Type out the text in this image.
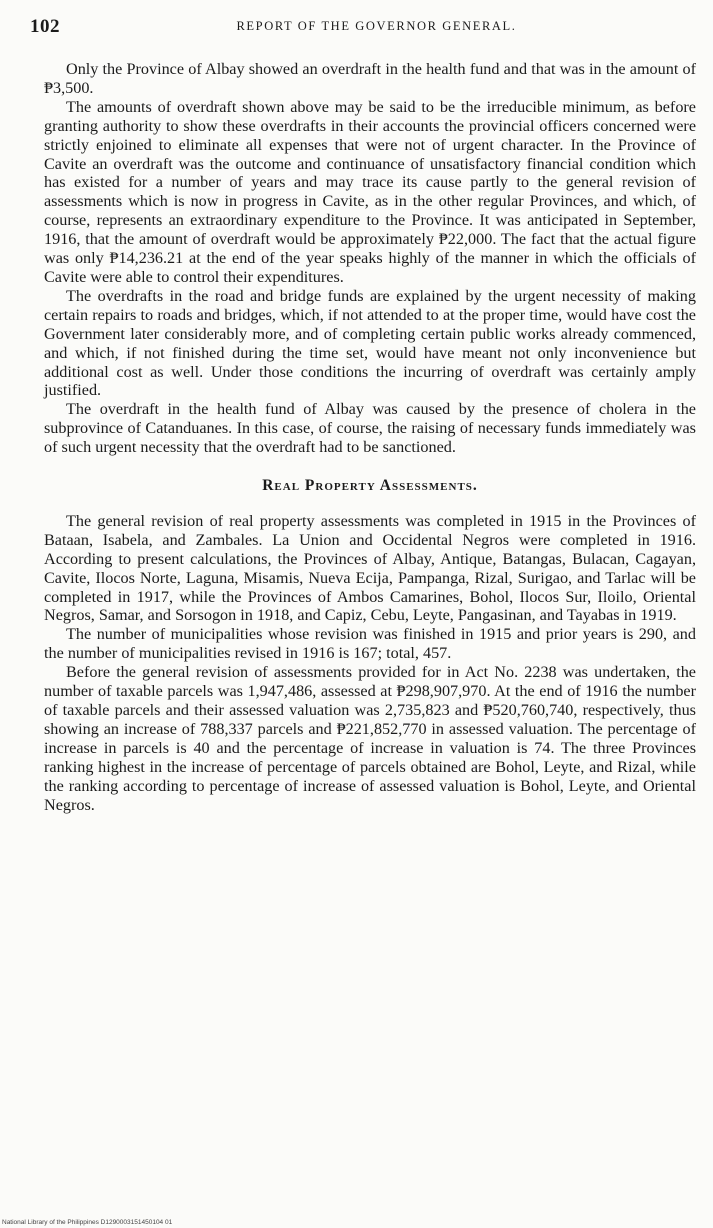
102	REPORT OF THE GOVERNOR GENERAL.

Only the Province of Albay showed an overdraft in the health fund and that was in the amount of ₱3,500.

The amounts of overdraft shown above may be said to be the irreducible minimum, as before granting authority to show these overdrafts in their accounts the provincial officers concerned were strictly enjoined to eliminate all expenses that were not of urgent character. In the Province of Cavite an overdraft was the outcome and continuance of unsatisfactory financial condition which has existed for a number of years and may trace its cause partly to the general revision of assessments which is now in progress in Cavite, as in the other regular Provinces, and which, of course, represents an extraordinary expenditure to the Province. It was anticipated in September, 1916, that the amount of overdraft would be approximately ₱22,000. The fact that the actual figure was only ₱14,236.21 at the end of the year speaks highly of the manner in which the officials of Cavite were able to control their expenditures.

The overdrafts in the road and bridge funds are explained by the urgent necessity of making certain repairs to roads and bridges, which, if not attended to at the proper time, would have cost the Government later considerably more, and of completing certain public works already commenced, and which, if not finished during the time set, would have meant not only inconvenience but additional cost as well. Under those conditions the incurring of overdraft was certainly amply justified.

The overdraft in the health fund of Albay was caused by the presence of cholera in the subprovince of Catanduanes. In this case, of course, the raising of necessary funds immediately was of such urgent necessity that the overdraft had to be sanctioned.

Real Property Assessments.

The general revision of real property assessments was completed in 1915 in the Provinces of Bataan, Isabela, and Zambales. La Union and Occidental Negros were completed in 1916. According to present calculations, the Provinces of Albay, Antique, Batangas, Bulacan, Cagayan, Cavite, Ilocos Norte, Laguna, Misamis, Nueva Ecija, Pampanga, Rizal, Surigao, and Tarlac will be completed in 1917, while the Provinces of Ambos Camarines, Bohol, Ilocos Sur, Iloilo, Oriental Negros, Samar, and Sorsogon in 1918, and Capiz, Cebu, Leyte, Pangasinan, and Tayabas in 1919.

The number of municipalities whose revision was finished in 1915 and prior years is 290, and the number of municipalities revised in 1916 is 167; total, 457.

Before the general revision of assessments provided for in Act No. 2238 was undertaken, the number of taxable parcels was 1,947,486, assessed at ₱298,907,970. At the end of 1916 the number of taxable parcels and their assessed valuation was 2,735,823 and ₱520,760,740, respectively, thus showing an increase of 788,337 parcels and ₱221,852,770 in assessed valuation. The percentage of increase in parcels is 40 and the percentage of increase in valuation is 74. The three Provinces ranking highest in the increase of percentage of parcels obtained are Bohol, Leyte, and Rizal, while the ranking according to percentage of increase of assessed valuation is Bohol, Leyte, and Oriental Negros.

National Library of the Philippines D1290003151450104 01
